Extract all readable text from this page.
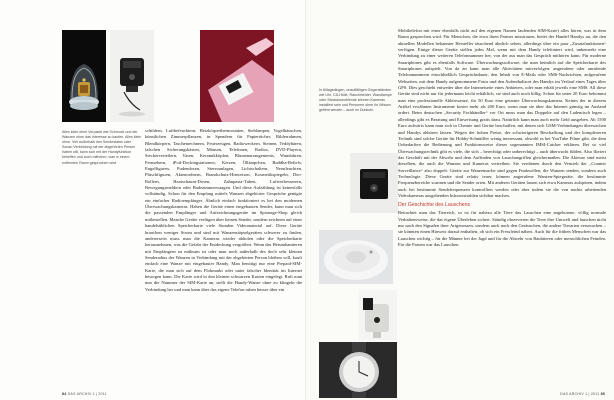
Alles klein ohne Verpackt wie Schmuck und der Wanzen ohne das Interesse zu kaufen. Alles klein ohne. Viel außerhalb des Sendestatus oder Sonan Verbindung mit der abgehörten Person haben will, kann sich mit der Handyfunktion behelfen und auch mithören, was in einem entfernten Raum gesprochen wird.

schildern, Luftbefeuchtern, Heizkörperthermostaten, Stehlampen, Vogelhäuschen, künstlichen Zimmerpflanzen, in Spendern für Papiertücher, Bilderrahmen, Blendkörpern, Taschenrechnern, Feuerzeugen, Radioweckern, Steinen, Teddybären, falschen Sicherungskästen, Mäusen, Telefonen, Radios, DVD-Playern, Steckerverteilern, Vasen, Keramikköpfen, Blumenarrangements, Wanduhren, Fernsehern, iPod-Dockingstationen, Kerzen, Öllämpchen, Buddha-Reliefs, Engelfiguren, Pudendosen, Stereoanlagen, Lichtschaltern, Neonleuchten, Plüschfiguren, Aktenordnern, Brandschutz-Hinweisen, Kosmetikspiegeln, Deo-Rollern, Haarschaum-Dosen, Zahnpasta-Tuben, Luftverbesserern, Bewegungsmeldern oder Badezimmerwaagen. Und diese Aufzählung ist keinesfalls vollständig. Schon für den Empfang mittels Wanzen abgehörter Gespräche genügte ein einfacher Radioempfänger. Ähnlich einfach funktioniert es bei den modernen Überwachungskameras. Haben die Geräte einen eingebauten Sender, kann man sich die passenden Empfänger und Aufzeichnungsgeräte im Spionage-Shop gleich mitbestellen. Manche Geräte verfügen über keinen Sender, sondern zeichnen auf einer handelsüblichen Speicherkarte viele Stunden Videomaterial auf. Diese Geräte brauchen weniger Strom und sind mit Wanzenstöpselgeräten schwerer zu finden, andererseits muss man die Kameras wieder abholen oder die Speicherkarte herausnehmen, was die Gefahr der Entdeckung vergrößert. Wenn das Herumhantieren mit Empfängern zu mühsam ist oder man noch außerhalb des doch sehr kleinen Senderadius der Wanzen in Verbindung mit der abgehörten Person bleiben will, kauft einfach eine Wanze mit eingebauter Handy. Man benötigt nur eine Prepaid-SIM-Karte, die man sich auf dem Flohmarkt oder unter falscher Identität im Internet besorgen kann. Die Karte wird in den kleinen schwarzen Kasten eingelegt. Ruft man nun die Nummer der SIM-Karte an, stellt die Handy-Wanze ohne zu klingeln die Verbindung her und man kann über das eigene Telefon ruhen besser über ein

84 DAS ARCHIV 1 | 2011
In Alltagsdingen, unauffälligen Gegenständen wie Uhr, CD-Hülle, Rauchmelder, Wandlampe oder Steckdosenblende können Kameras installiert sein und Personen ohne ihr Wissen gefilmt werden – auch im Dunkeln.

Mobiltelefon mit einer ebenfalls nicht auf den eigenen Namen laufenden SIM-Karte) alles hören, was in dem Raum gesprochen wird. Für Menschen, die etwa ihren Partner misstrauen, bietet der Handel Handys an, die den aktuellen Modellen bekannter Hersteller täuschend ähnlich sehen, allerdings über ein paar „Zusatzfunktionen“ verfügen. Einige dieser Geräte stellen jedes Mal, wenn mit dem Handy telefoniert wird, unbemerkt eine Verbindung zu einer weiteren Telefonnummer her, von der aus man das Gespräch mithören kann. Für moderne Smartphones gibt es ebenfalls Software. Überwachungssoftware, die man heimlich auf die Speicherkarte des Smartphones aufspielt. Von da an kann man alle Aktivitäten mitverfolgen: angerufene oder anrufende Telefonnummern einschließlich Gesprächsdauer, den Inhalt von E-Mails oder SMS-Nachrichten, aufgerufene Webseiten, mit dem Handy aufgenommene Fotos und den Aufenthaltsort des Handys im Verlauf eines Tages über GPS. Dies geschieht entweder über die Internetseite eines Anbieters, oder man erhält jeweils eine SMS. All diese Geräte sind nicht nur für jedermann leicht erhältlich, sie sind auch noch billig. Schon für unter 20 Euro bekommt man eine professionelle Abhörwanze, für 50 Euro eine getarnte Überwachungskamera. Keines der in diesem Artikel erwähnten Instrumente kostet mehr als 200 Euro, wenn man sie über das Internet günstig im Ausland ordert. Beim deutschen „Security Fachhändler“ vor Ort muss man das Doppelte auf den Ladentisch legen – allerdings gibt es Beratung und Einweisung gratis dazu. Natürlich kann man auch mehr Geld ausgeben. Ab 1500 Euro aufwärts kann man sich in Chemie und Geräte beschaffen, mit denen sich GSM-Verbindungen überwachen und Handys abhören lassen. Wegen der hohen Preise, der schwierigeren Beschaffung und der komplexeren Technik sind solche Geräte für Hobby-Schnüffler wenig interessant, obwohl es bei YouTube Filme gibt, die dem Unbedarften die Bedienung und Funktionsweise dieser sogenannten IMSI-Catcher erklären. Bei so viel Überwachungstechnik gibt es viele, die sich – berechtigt oder unberechtigt – auch überwacht fühlen. Also floriert das Geschäft mit der Abwehr und dem Auffinden von Lauschangriffen gleichermaßen. Die Akteure sind meist dieselben, die auch die Wanzen und Kameras vertreiben. Sie verdienen durch den Vertrieb der „Counter Surveillance“ also doppelt. Geräte zur Wanzensuche sind gegen Funkwellen, die Wanzen senden, sondern auch Technologie. Diese Geräte sind relativ teuer, können angerufene Wanzen-Spiegeräte, die bestimmte Frequenzbereiche scannen und die Sender orten. Mit anderen Geräten lassen sich etwa Kameras aufspüren, indem auch bei bestimmte Sendefrequenzen kontrolliert werden oder aber indem sie die von nachts arbeitenden Videokameras ausgehenden Infrarotstrahlen sichtbar machen.

Der Geschichte des Lauschens

Betrachtet man das Tierreich, so ist für nahezu alle Tiere das Lauschen eine angeborene, völlig normale Verhaltensweise, die das eigene Überleben sichert. Ständig observieren die Tiere ihre Umwelt und lauschen nicht nur nach den Signalen ihrer Artgenossen, sondern auch nach den Geräuschen, die andere Tierarten verursachen – sie könnten einen Hinweis darauf enthalten, ob sich ein Fressfeind nähert. Auch für die frühen Menschen war das Lauschen wichtig – für die Männer bei der Jagd und für die Abwehr von Raubtieren oder menschlichen Feinden. Für die Frauen war das Lauschen

DAS ARCHIV 1 | 2011 85
